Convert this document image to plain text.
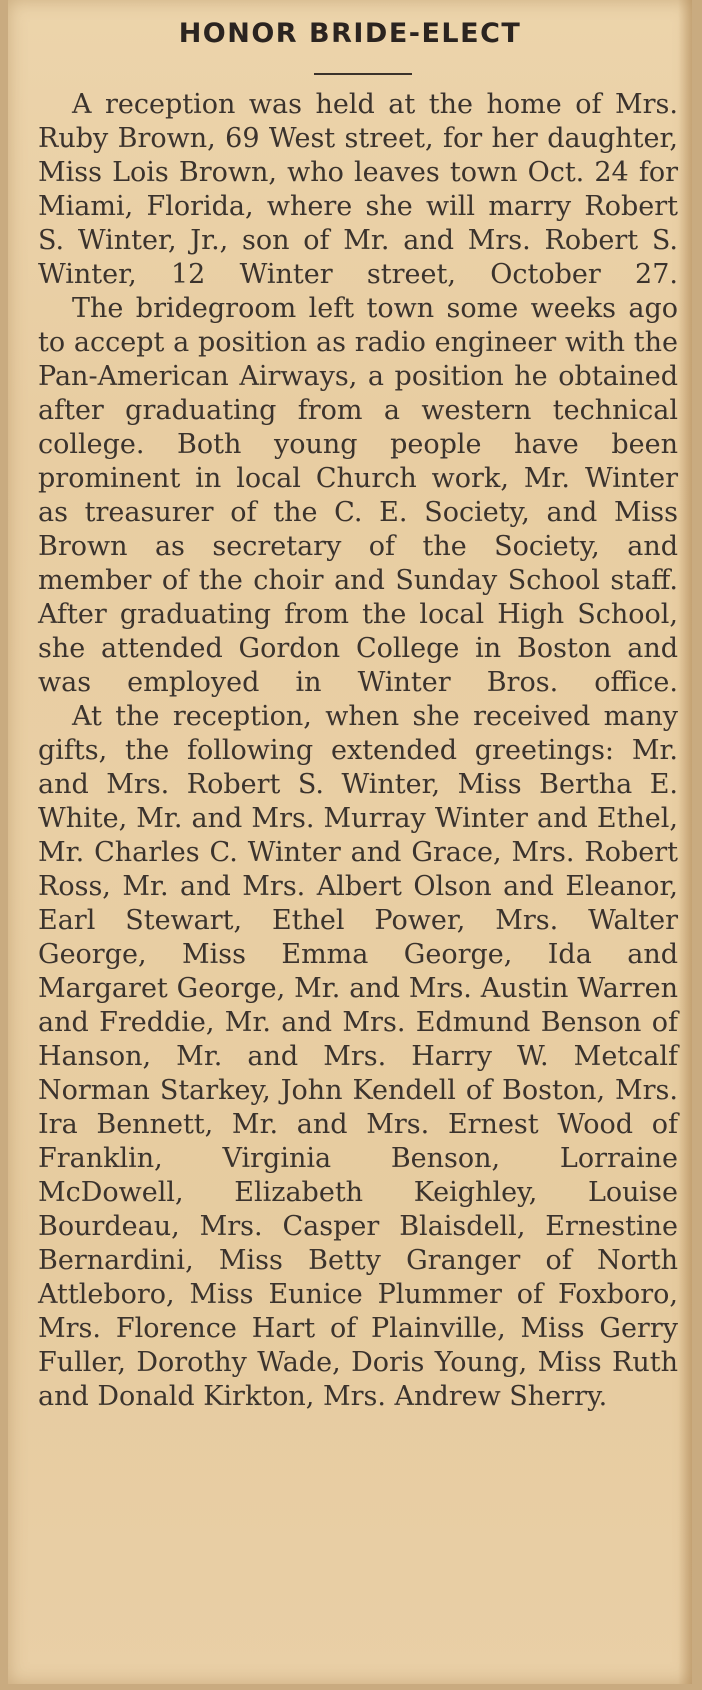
HONOR BRIDE-ELECT

A reception was held at the home of Mrs. Ruby Brown, 69 West street, for her daughter, Miss Lois Brown, who leaves town Oct. 24 for Miami, Florida, where she will marry Robert S. Winter, Jr., son of Mr. and Mrs. Robert S. Winter, 12 Winter street, October 27.

The bridegroom left town some weeks ago to accept a position as radio engineer with the Pan-American Airways, a position he obtained after graduating from a western technical college. Both young people have been prominent in local Church work, Mr. Winter as treasurer of the C. E. Society, and Miss Brown as secretary of the Society, and member of the choir and Sunday School staff. After graduating from the local High School, she attended Gordon College in Boston and was employed in Winter Bros. office.

At the reception, when she received many gifts, the following extended greetings: Mr. and Mrs. Robert S. Winter, Miss Bertha E. White, Mr. and Mrs. Murray Winter and Ethel, Mr. Charles C. Winter and Grace, Mrs. Robert Ross, Mr. and Mrs. Albert Olson and Eleanor, Earl Stewart, Ethel Power, Mrs. Walter George, Miss Emma George, Ida and Margaret George, Mr. and Mrs. Austin Warren and Freddie, Mr. and Mrs. Edmund Benson of Hanson, Mr. and Mrs. Harry W. Metcalf Norman Starkey, John Kendell of Boston, Mrs. Ira Bennett, Mr. and Mrs. Ernest Wood of Franklin, Virginia Benson, Lorraine McDowell, Elizabeth Keighley, Louise Bourdeau, Mrs. Casper Blaisdell, Ernestine Bernardini, Miss Betty Granger of North Attleboro, Miss Eunice Plummer of Foxboro, Mrs. Florence Hart of Plainville, Miss Gerry Fuller, Dorothy Wade, Doris Young, Miss Ruth and Donald Kirkton, Mrs. Andrew Sherry.
